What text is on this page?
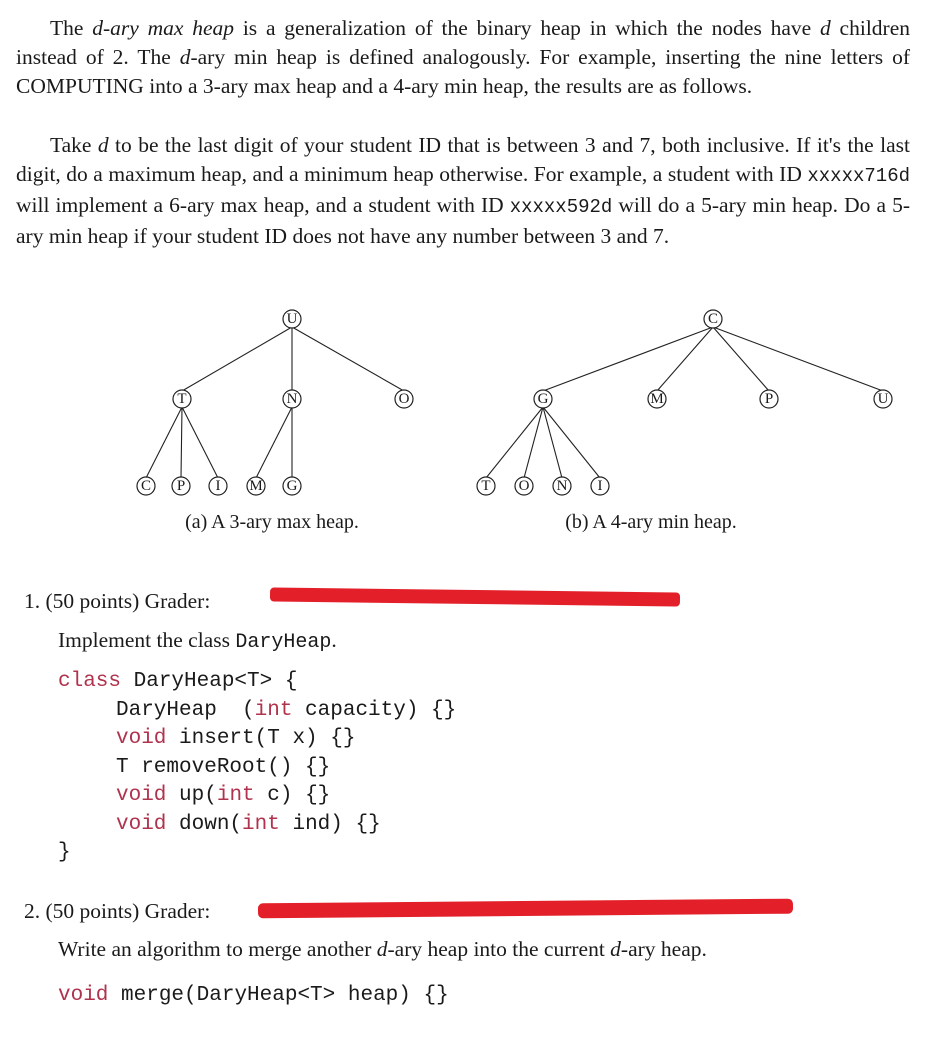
The d-ary max heap is a generalization of the binary heap in which the nodes have d children instead of 2. The d-ary min heap is defined analogously. For example, inserting the nine letters of COMPUTING into a 3-ary max heap and a 4-ary min heap, the results are as follows.

Take d to be the last digit of your student ID that is between 3 and 7, both inclusive. If it's the last digit, do a maximum heap, and a minimum heap otherwise. For example, a student with ID xxxxx716d will implement a 6-ary max heap, and a student with ID xxxxx592d will do a 5-ary min heap. Do a 5-ary min heap if your student ID does not have any number between 3 and 7.

U
T	N	O
C P I M G
(a) A 3-ary max heap.
C
G	M	P	U
T O N I
(b) A 4-ary min heap.

1. (50 points) Grader:

Implement the class DaryHeap.

class DaryHeap<T> {
DaryHeap  (int capacity) {}
void insert(T x) {}
T removeRoot() {}
void up(int c) {}
void down(int ind) {}
}

2. (50 points) Grader:

Write an algorithm to merge another d-ary heap into the current d-ary heap.

void merge(DaryHeap<T> heap) {}
